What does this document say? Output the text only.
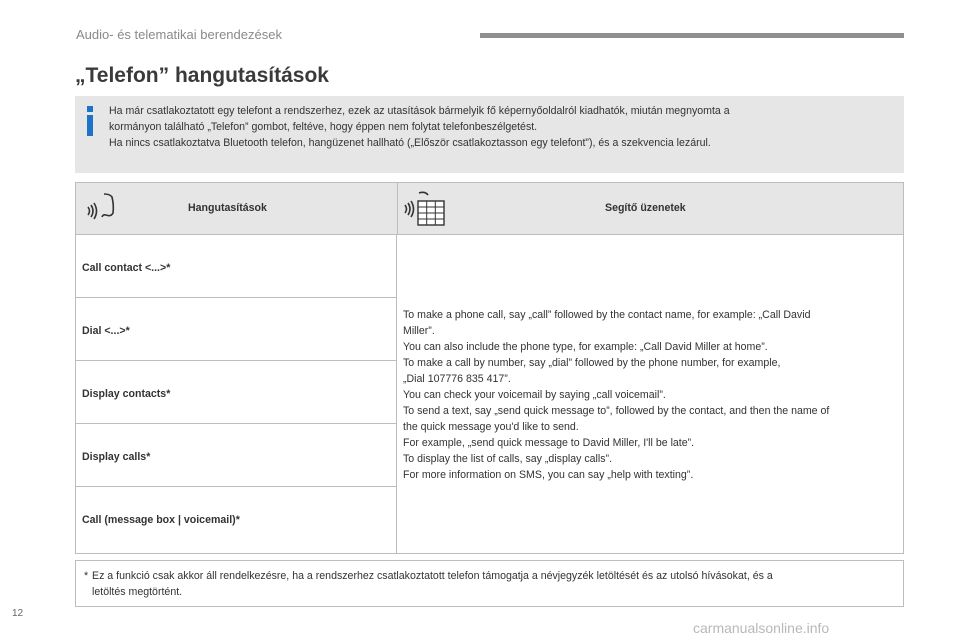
Audio- és telematikai berendezések
„Telefon” hangutasítások

Ha már csatlakoztatott egy telefont a rendszerhez, ezek az utasítások bármelyik fő képernyőoldalról kiadhatók, miután megnyomta a

kormányon található „Telefon” gombot, feltéve, hogy éppen nem folytat telefonbeszélgetést.

Ha nincs csatlakoztatva Bluetooth telefon, hangüzenet hallható („Először csatlakoztasson egy telefont”), és a szekvencia lezárul.

Hangutasítások	Segítő üzenetek
Call contact <...>*
Dial <...>*
Display contacts*
Display calls*
Call (message box | voicemail)*

To make a phone call, say „call” followed by the contact name, for example: „Call David

Miller”.

You can also include the phone type, for example: „Call David Miller at home”.

To make a call by number, say „dial” followed by the phone number, for example,

„Dial 107776 835 417”.

You can check your voicemail by saying „call voicemail”.

To send a text, say „send quick message to”, followed by the contact, and then the name of

the quick message you'd like to send.

For example, „send quick message to David Miller, I'll be late”.

To display the list of calls, say „display calls”.

For more information on SMS, you can say „help with texting”.

* Ez a funkció csak akkor áll rendelkezésre, ha a rendszerhez csatlakoztatott telefon támogatja a névjegyzék letöltését és az utolsó hívásokat, és a
letöltés megtörtént.
12
carmanualsonline.info
